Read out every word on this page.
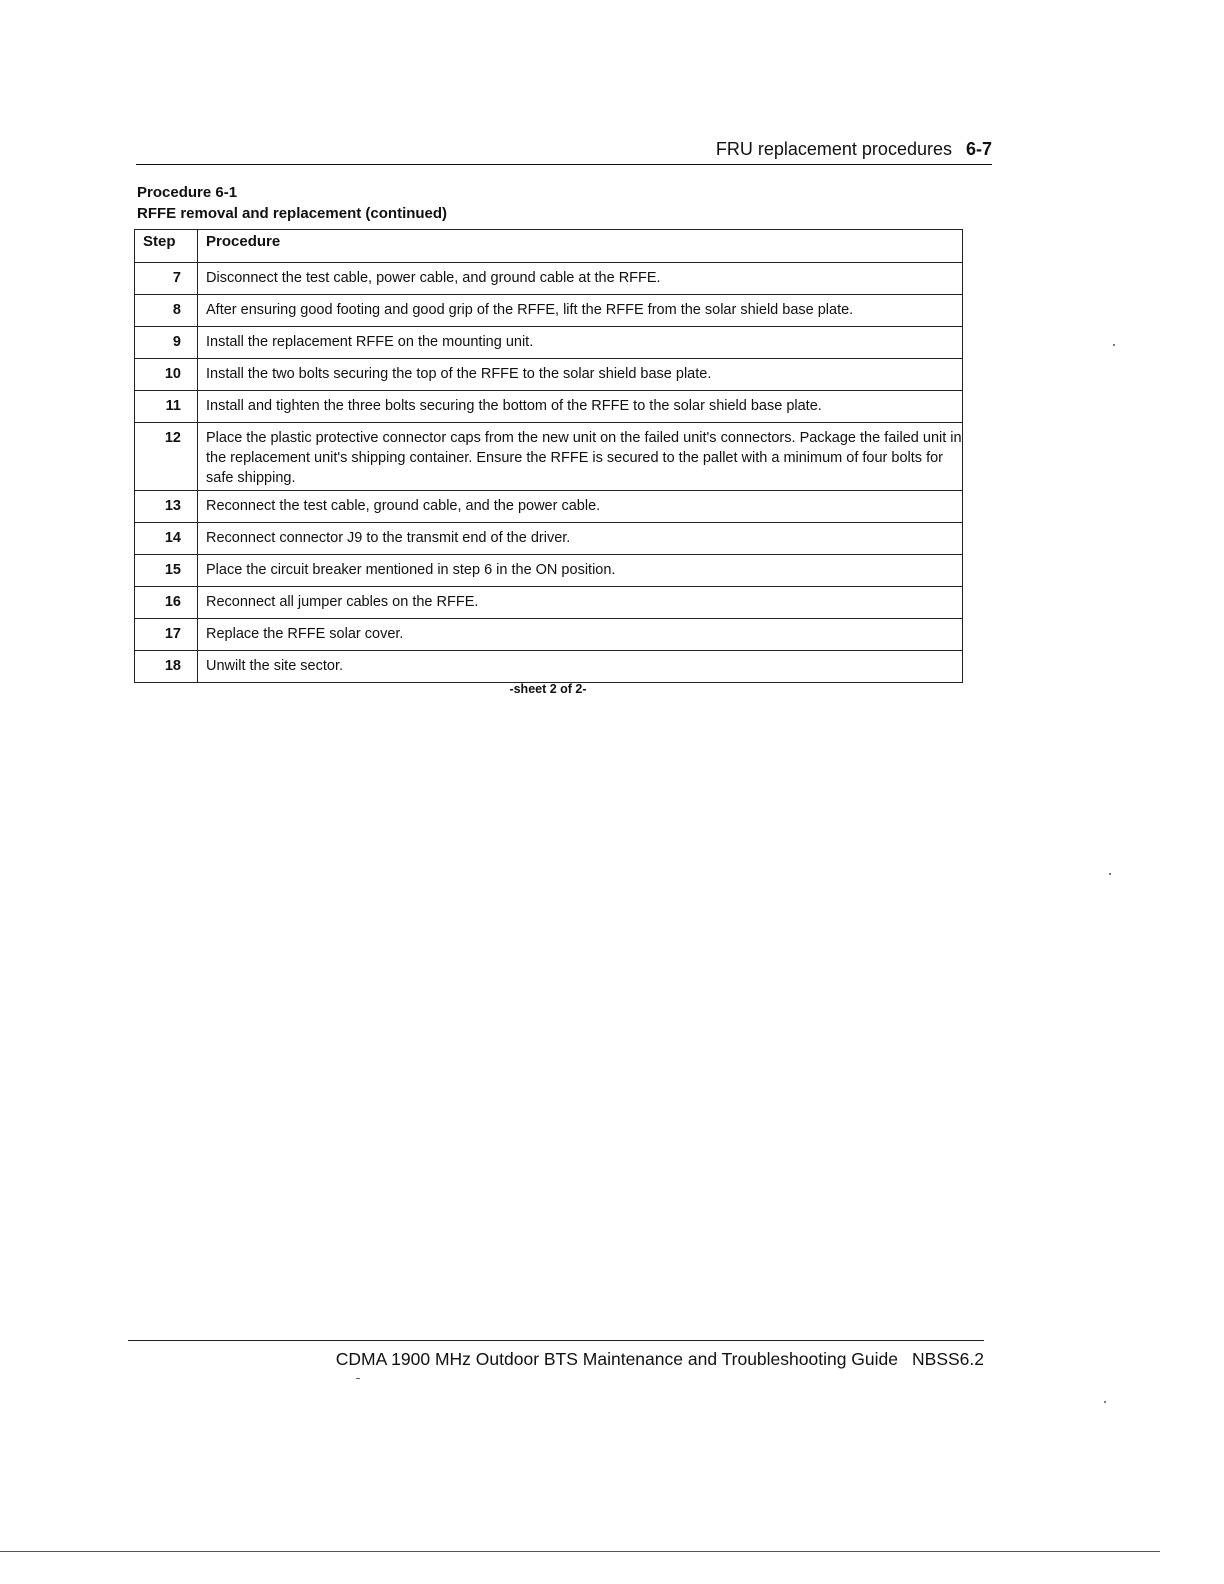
FRU replacement procedures 6-7
Procedure 6-1
RFFE removal and replacement (continued)
Step	Procedure
7	Disconnect the test cable, power cable, and ground cable at the RFFE.
8	After ensuring good footing and good grip of the RFFE, lift the RFFE from the solar shield base plate.
9	Install the replacement RFFE on the mounting unit.
10	Install the two bolts securing the top of the RFFE to the solar shield base plate.
11	Install and tighten the three bolts securing the bottom of the RFFE to the solar shield base plate.
12	Place the plastic protective connector caps from the new unit on the failed unit's connectors. Package the failed unit in the replacement unit's shipping container. Ensure the RFFE is secured to the pallet with a minimum of four bolts for safe shipping.
13	Reconnect the test cable, ground cable, and the power cable.
14	Reconnect connector J9 to the transmit end of the driver.
15	Place the circuit breaker mentioned in step 6 in the ON position.
16	Reconnect all jumper cables on the RFFE.
17	Replace the RFFE solar cover.
18	Unwilt the site sector.
-sheet 2 of 2-
CDMA 1900 MHz Outdoor BTS Maintenance and Troubleshooting Guide NBSS6.2
